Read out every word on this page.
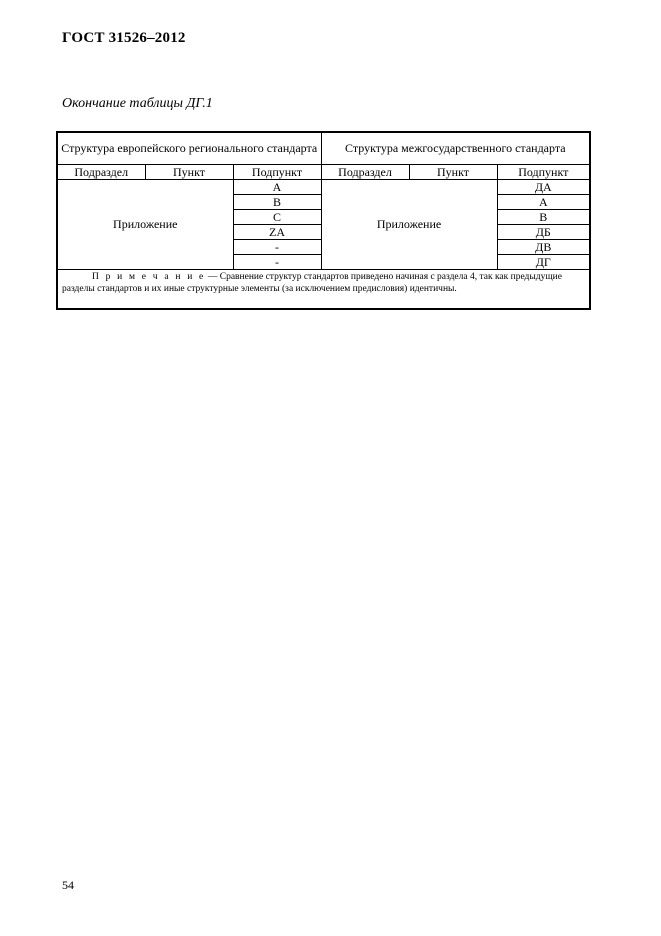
ГОСТ 31526–2012
Окончание таблицы ДГ.1
Структура европейского регионального стандарта			Структура межгосударственного стандарта		
Подраздел	Пункт	Подпункт	Подраздел	Пункт	Подпункт
Приложение		A	Приложение		ДА
		B			А
		C			В
		ZA			ДБ
		-			ДВ
		-			ДГ
П р и м е ч а н и е — Сравнение структур стандартов приведено начиная с раздела 4, так как предыдущие разделы стандартов и их иные структурные элементы (за исключением предисловия) идентичны.					
54
